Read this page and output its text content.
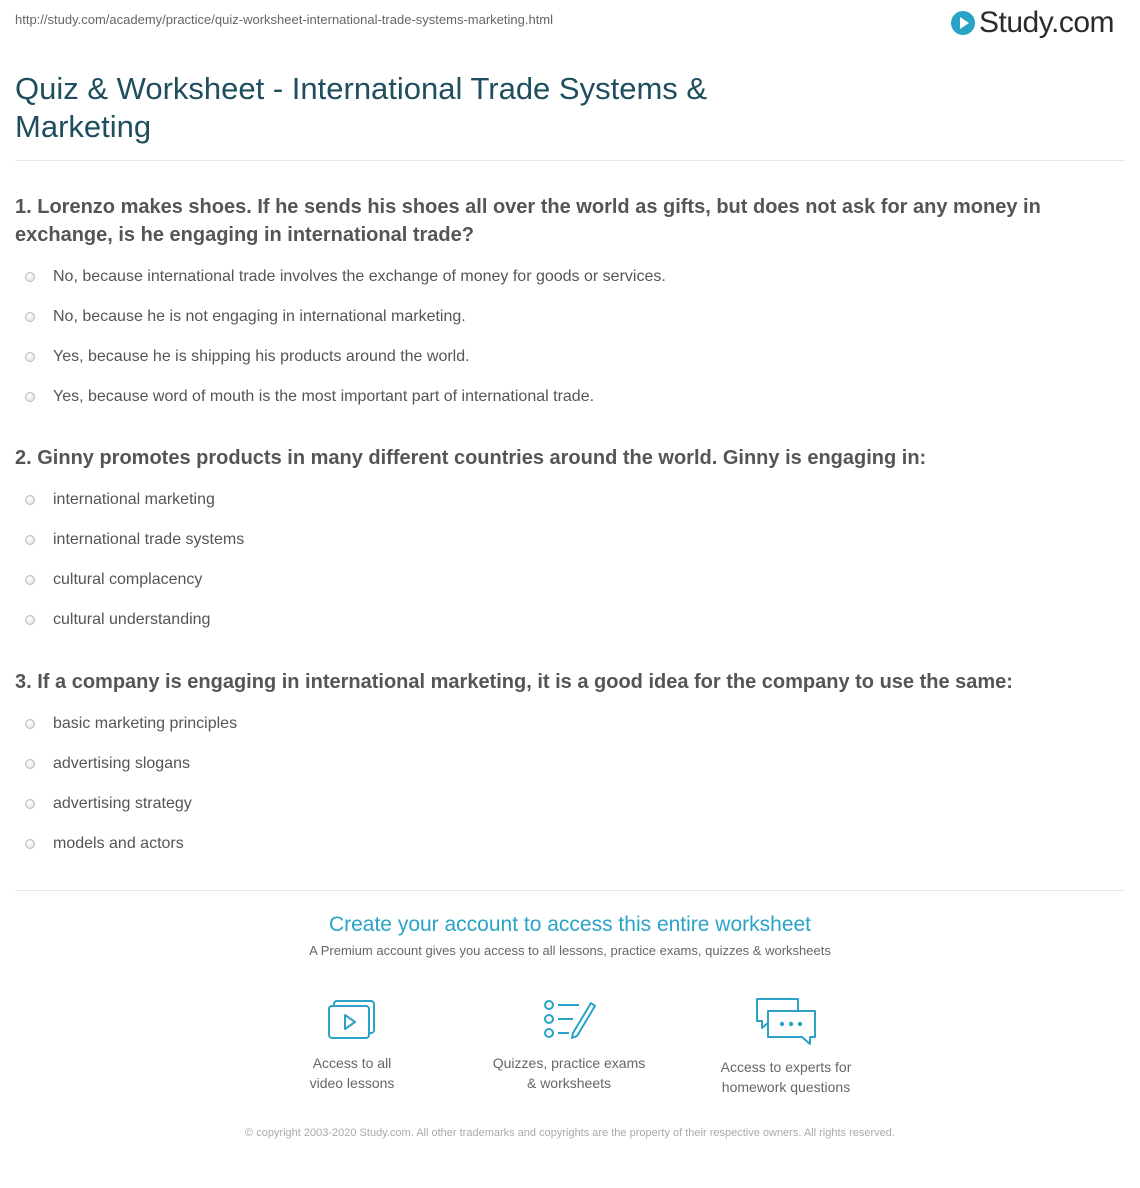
http://study.com/academy/practice/quiz-worksheet-international-trade-systems-marketing.html	Study.com
Quiz & Worksheet - International Trade Systems & Marketing

1. Lorenzo makes shoes. If he sends his shoes all over the world as gifts, but does not ask for any money in exchange, is he engaging in international trade?

No, because international trade involves the exchange of money for goods or services.
No, because he is not engaging in international marketing.
Yes, because he is shipping his products around the world.
Yes, because word of mouth is the most important part of international trade.

2. Ginny promotes products in many different countries around the world. Ginny is engaging in:

international marketing
international trade systems
cultural complacency
cultural understanding

3. If a company is engaging in international marketing, it is a good idea for the company to use the same:

basic marketing principles
advertising slogans
advertising strategy
models and actors
Create your account to access this entire worksheet
A Premium account gives you access to all lessons, practice exams, quizzes & worksheets
Access to all
video lessons
Quizzes, practice exams
& worksheets
Access to experts for
homework questions
© copyright 2003-2020 Study.com. All other trademarks and copyrights are the property of their respective owners. All rights reserved.
